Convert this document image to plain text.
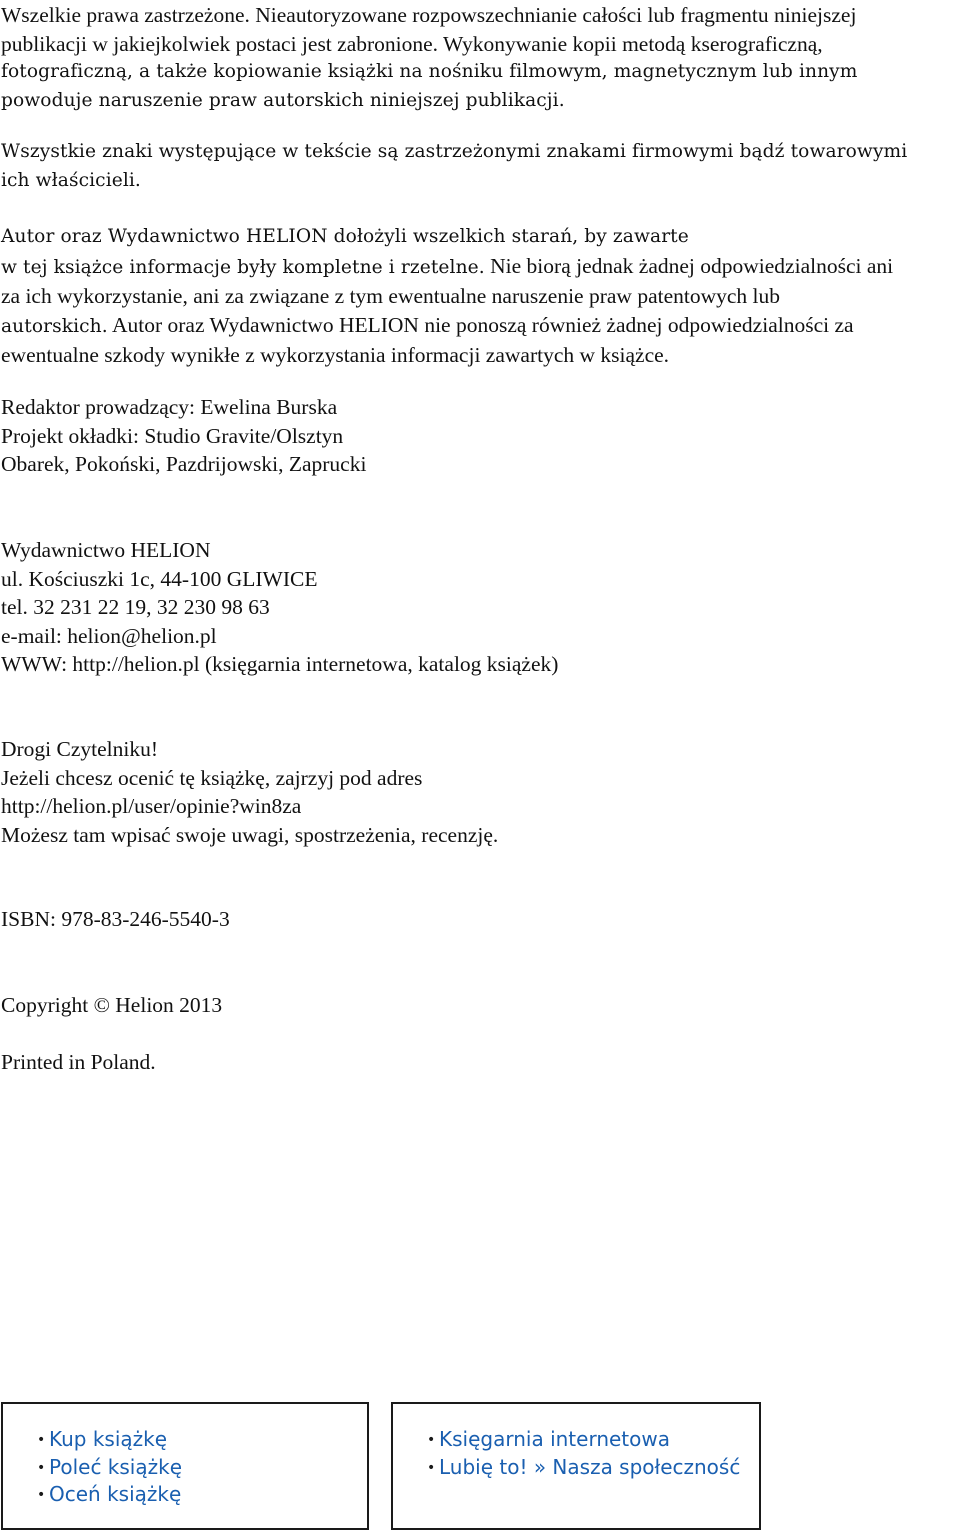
Wszelkie prawa zastrzeżone. Nieautoryzowane rozpowszechnianie całości lub fragmentu niniejszej
publikacji w jakiejkolwiek postaci jest zabronione. Wykonywanie kopii metodą kserograficzną,
fotograficzną, a także kopiowanie książki na nośniku filmowym, magnetycznym lub innym
powoduje naruszenie praw autorskich niniejszej publikacji.
Wszystkie znaki występujące w tekście są zastrzeżonymi znakami firmowymi bądź towarowymi
ich właścicieli.
Autor oraz Wydawnictwo HELION dołożyli wszelkich starań, by zawarte
w tej książce informacje były kompletne i rzetelne. Nie biorą jednak żadnej odpowiedzialności ani
za ich wykorzystanie, ani za związane z tym ewentualne naruszenie praw patentowych lub
autorskich. Autor oraz Wydawnictwo HELION nie ponoszą również żadnej odpowiedzialności za
ewentualne szkody wynikłe z wykorzystania informacji zawartych w książce.
Redaktor prowadzący: Ewelina Burska
Projekt okładki: Studio Gravite/Olsztyn
Obarek, Pokoński, Pazdrijowski, Zaprucki
Wydawnictwo HELION
ul. Kościuszki 1c, 44-100 GLIWICE
tel. 32 231 22 19, 32 230 98 63
e-mail: helion@helion.pl
WWW: http://helion.pl (księgarnia internetowa, katalog książek)
Drogi Czytelniku!
Jeżeli chcesz ocenić tę książkę, zajrzyj pod adres
http://helion.pl/user/opinie?win8za
Możesz tam wpisać swoje uwagi, spostrzeżenia, recenzję.
ISBN: 978-83-246-5540-3
Copyright © Helion 2013
Printed in Poland.
• Kup książkę
• Poleć książkę
• Oceń książkę
• Księgarnia internetowa
• Lubię to! » Nasza społeczność
